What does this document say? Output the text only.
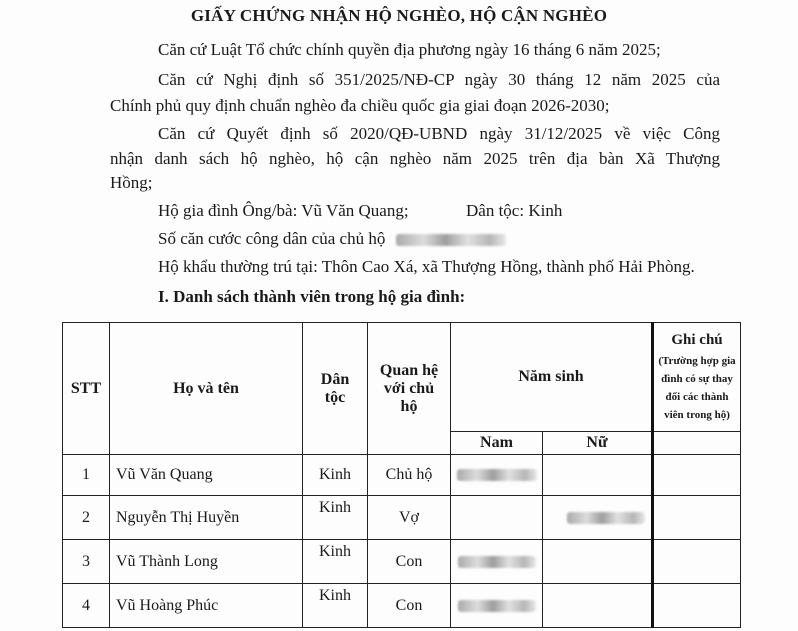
GIẤY CHỨNG NHẬN HỘ NGHÈO, HỘ CẬN NGHÈO
Căn cứ Luật Tổ chức chính quyền địa phương ngày 16 tháng 6 năm 2025;
Căn cứ Nghị định số 351/2025/NĐ-CP ngày 30 tháng 12 năm 2025 của
Chính phủ quy định chuẩn nghèo đa chiều quốc gia giai đoạn 2026-2030;
Căn cứ Quyết định số 2020/QĐ-UBND ngày 31/12/2025 về việc Công
nhận danh sách hộ nghèo, hộ cận nghèo năm 2025 trên địa bàn Xã Thượng
Hồng;
Hộ gia đình Ông/bà: Vũ Văn Quang;	Dân tộc: Kinh
Số căn cước công dân của chủ hộ
Hộ khẩu thường trú tại: Thôn Cao Xá, xã Thượng Hồng, thành phố Hải Phòng.
I. Danh sách thành viên trong hộ gia đình:
STT	Họ và tên	Dân tộc	Quan hệ với chủ hộ	Năm sinh		Ghi chú
(Trường hợp gia đình có sự thay đổi các thành viên trong hộ)
				Nam	Nữ	
1	Vũ Văn Quang	Kinh	Chủ hộ			
2	Nguyễn Thị Huyền	Kinh	Vợ			
3	Vũ Thành Long	Kinh	Con			
4	Vũ Hoàng Phúc	Kinh	Con			
